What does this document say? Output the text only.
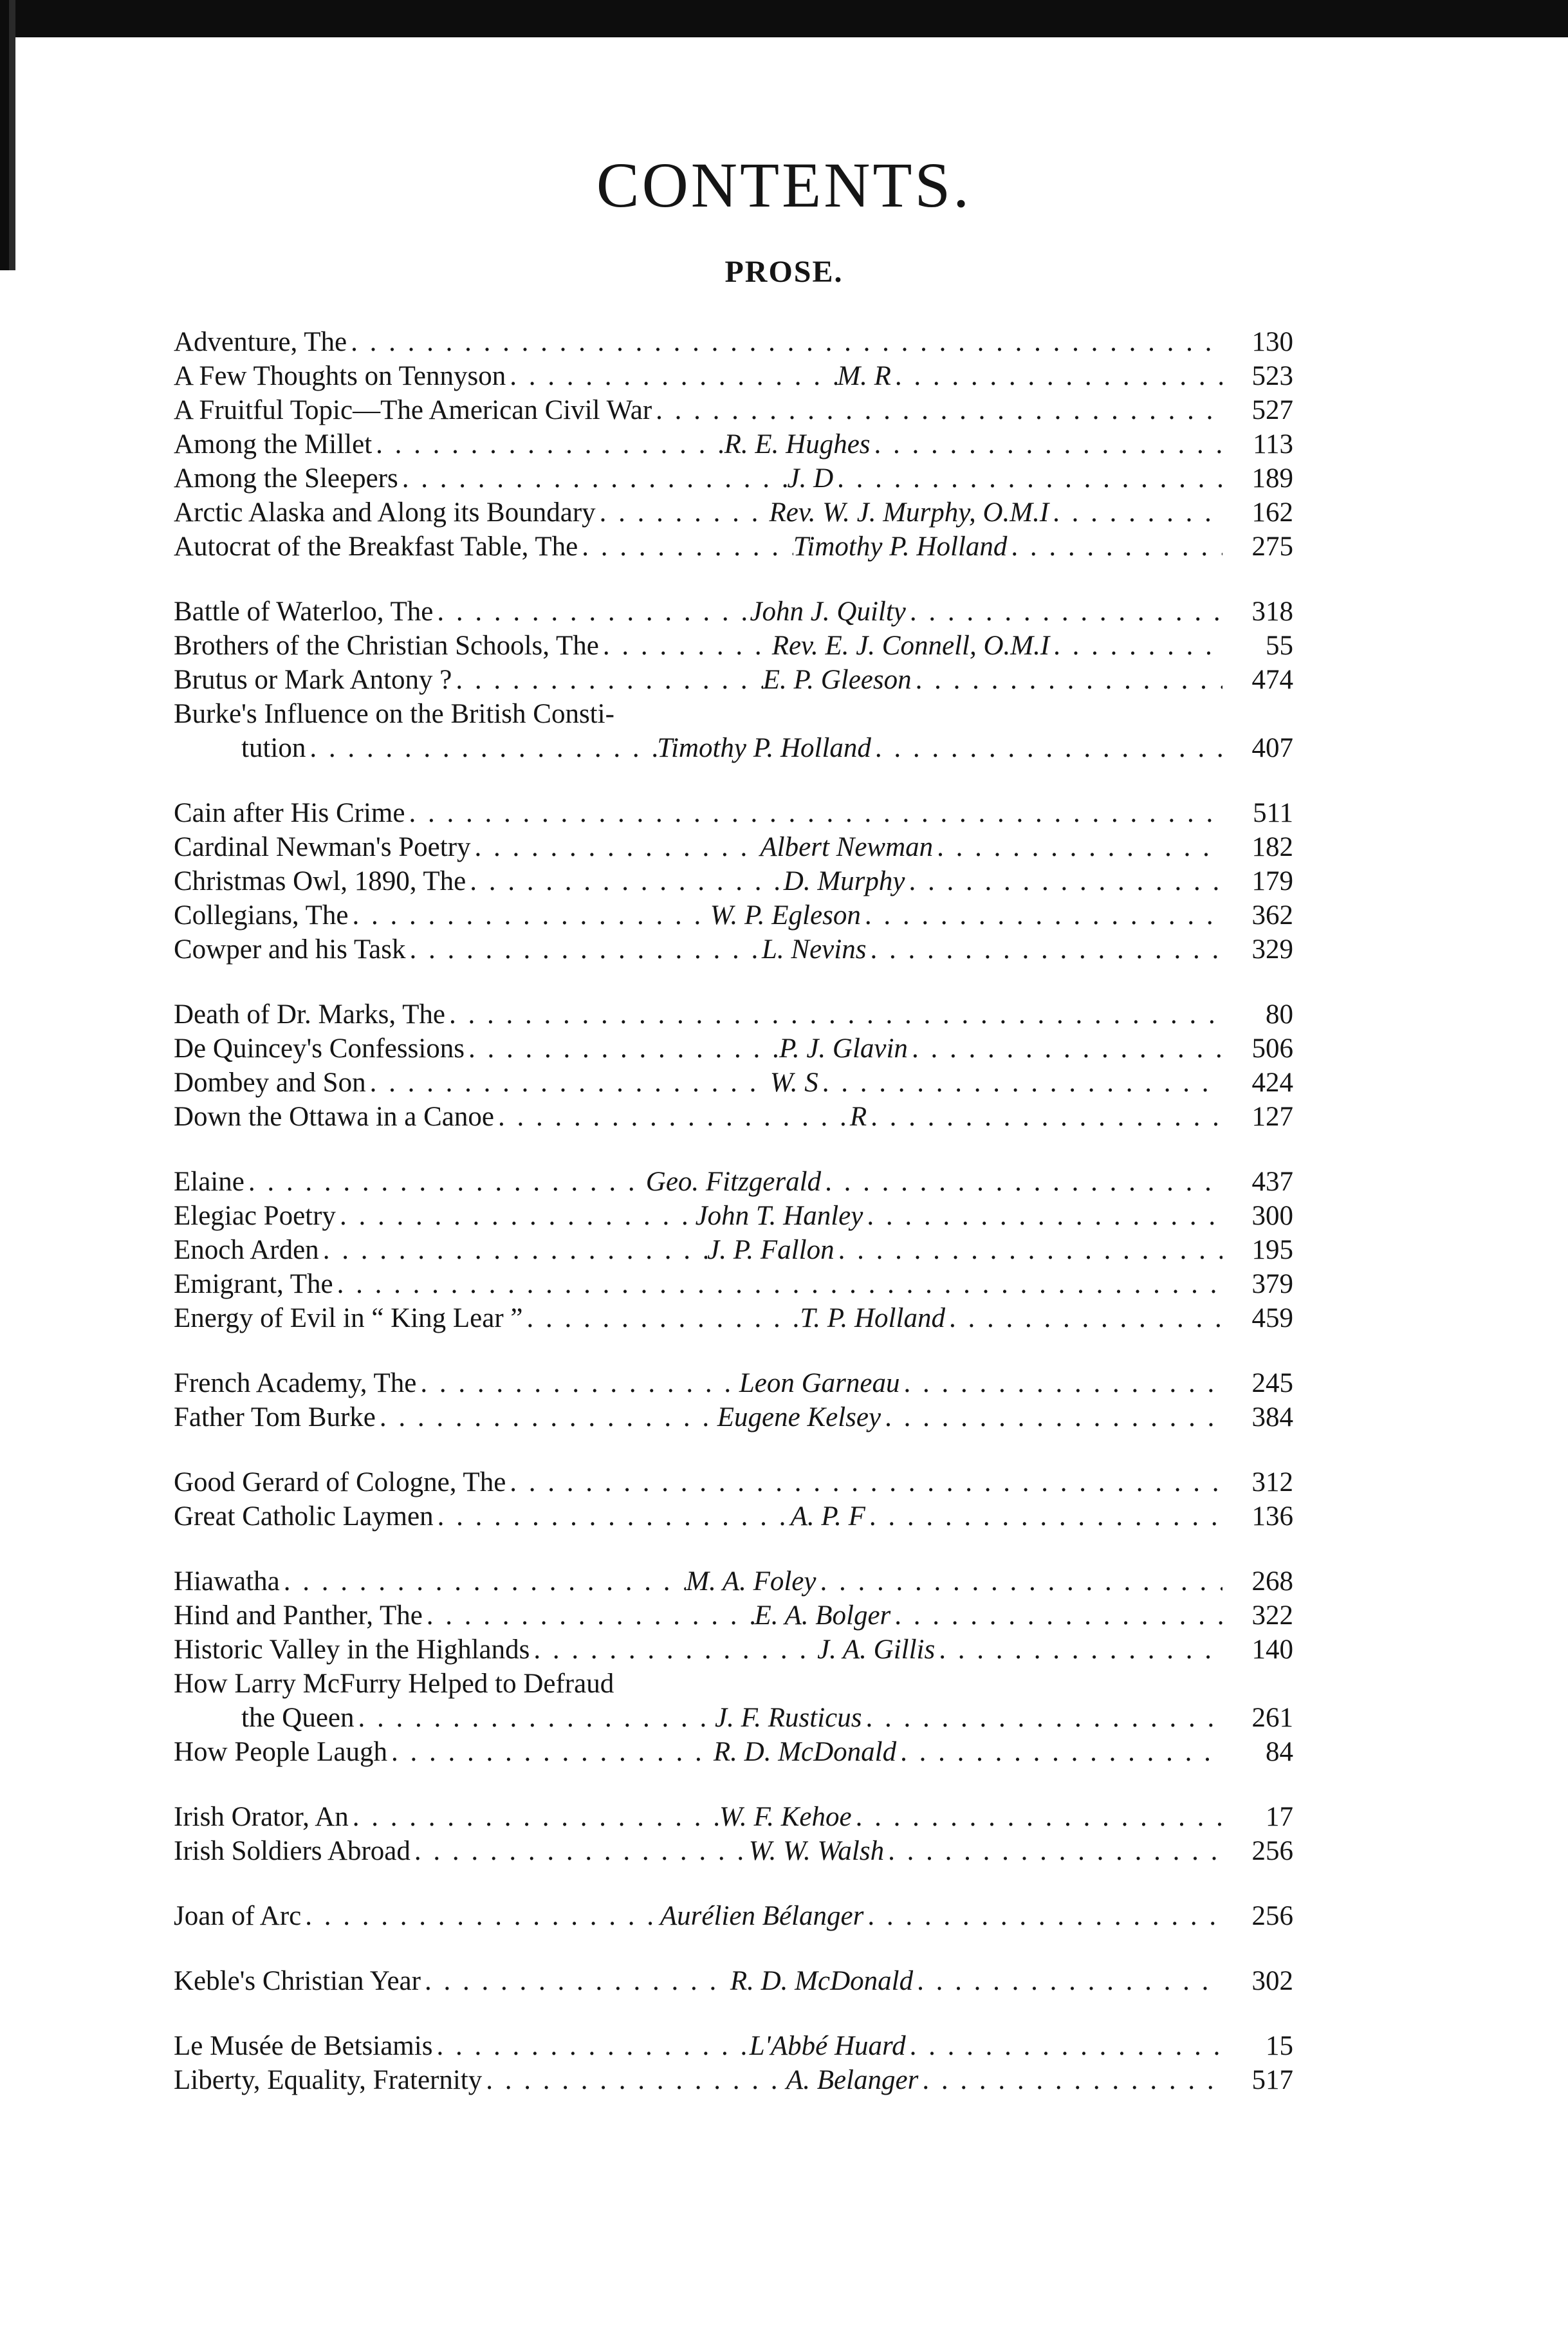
CONTENTS.
PROSE.
Adventure, The . . .	130
A Few Thoughts on Tennyson . . .	M. R . . .	523
A Fruitful Topic—The American Civil War . . .	527
Among the Millet . . .	R. E. Hughes . . .	113
Among the Sleepers . . .	J. D . . .	189
Arctic Alaska and Along its Boundary . . .	Rev. W. J. Murphy, O.M.I . . .	162
Autocrat of the Breakfast Table, The . . .	Timothy P. Holland . . .	275
Battle of Waterloo, The . . .	John J. Quilty . . .	318
Brothers of the Christian Schools, The . . .	Rev. E. J. Connell, O.M.I . . .	55
Brutus or Mark Antony ? . . .	E. P. Gleeson . . .	474
Burke's Influence on the British Consti-
tution . . .	Timothy P. Holland . . .	407
Cain after His Crime . . .	511
Cardinal Newman's Poetry . . .	Albert Newman . . .	182
Christmas Owl, 1890, The . . .	D. Murphy . . .	179
Collegians, The . . .	W. P. Egleson . . .	362
Cowper and his Task . . .	L. Nevins . . .	329
Death of Dr. Marks, The . . .	80
De Quincey's Confessions . . .	P. J. Glavin . . .	506
Dombey and Son . . .	W. S . . .	424
Down the Ottawa in a Canoe . . .	R . . .	127
Elaine . . .	Geo. Fitzgerald . . .	437
Elegiac Poetry . . .	John T. Hanley . . .	300
Enoch Arden . . .	J. P. Fallon . . .	195
Emigrant, The . . .	379
Energy of Evil in “ King Lear ” . . .	T. P. Holland . . .	459
French Academy, The . . .	Leon Garneau . . .	245
Father Tom Burke . . .	Eugene Kelsey . . .	384
Good Gerard of Cologne, The . . .	312
Great Catholic Laymen . . .	A. P. F . . .	136
Hiawatha . . .	M. A. Foley . . .	268
Hind and Panther, The . . .	E. A. Bolger . . .	322
Historic Valley in the Highlands . . .	J. A. Gillis . . .	140
How Larry McFurry Helped to Defraud
the Queen . . .	J. F. Rusticus . . .	261
How People Laugh . . .	R. D. McDonald . . .	84
Irish Orator, An . . .	W. F. Kehoe . . .	17
Irish Soldiers Abroad . . .	W. W. Walsh . . .	256
Joan of Arc . . .	Aurélien Bélanger . . .	256
Keble's Christian Year . . .	R. D. McDonald . . .	302
Le Musée de Betsiamis . . .	L'Abbé Huard . . .	15
Liberty, Equality, Fraternity . . .	A. Belanger . . .	517
